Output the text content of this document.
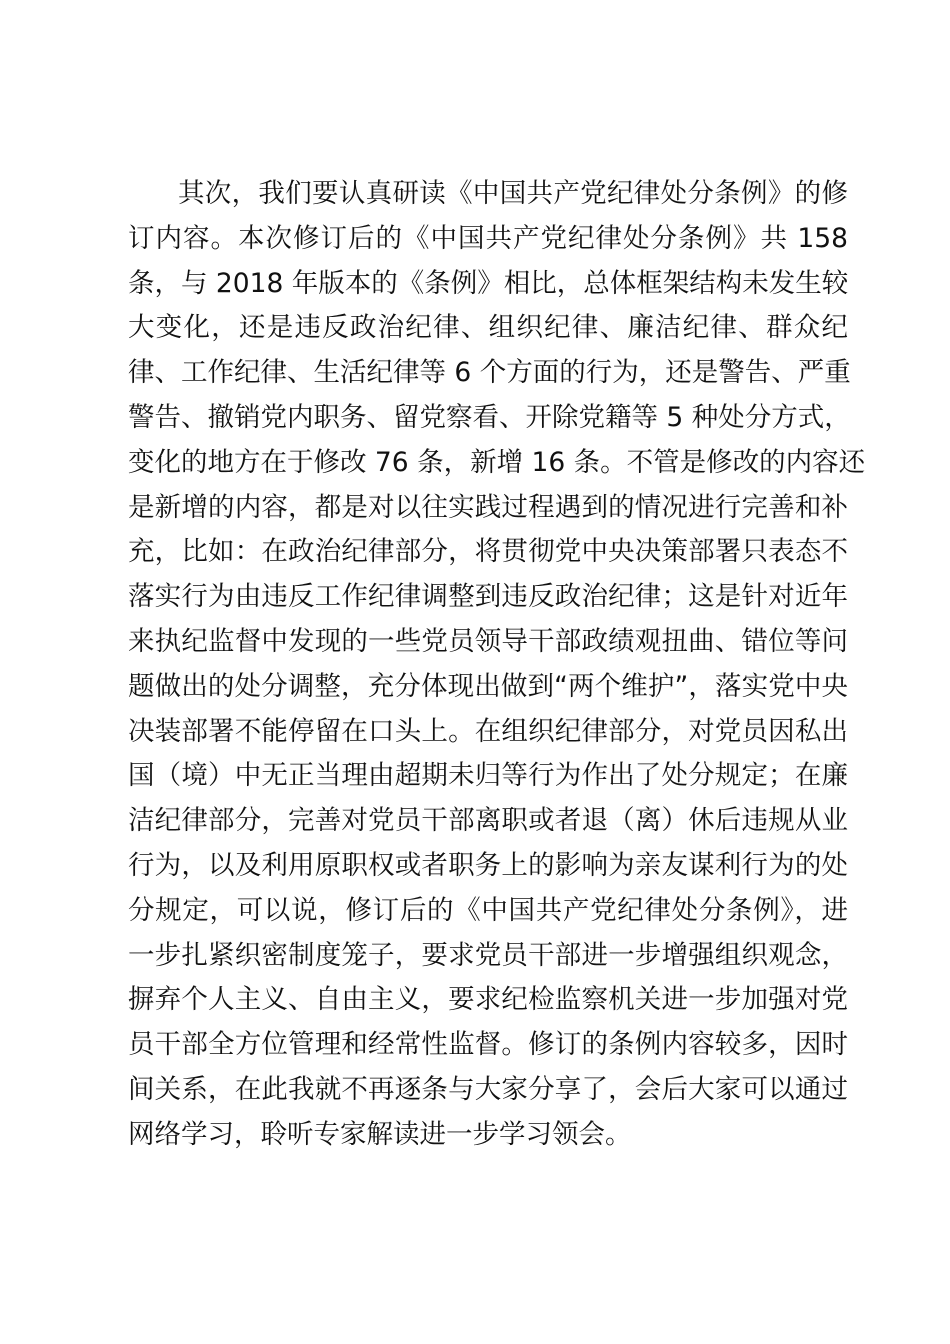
其次，我们要认真研读《中国共产党纪律处分条例》的修
订内容。本次修订后的《中国共产党纪律处分条例》共 158
条，与 2018 年版本的《条例》相比，总体框架结构未发生较
大变化，还是违反政治纪律、组织纪律、廉洁纪律、群众纪
律、工作纪律、生活纪律等 6 个方面的行为，还是警告、严重
警告、撤销党内职务、留党察看、开除党籍等 5 种处分方式，
变化的地方在于修改 76 条，新增 16 条。不管是修改的内容还
是新增的内容，都是对以往实践过程遇到的情况进行完善和补
充，比如：在政治纪律部分，将贯彻党中央决策部署只表态不
落实行为由违反工作纪律调整到违反政治纪律；这是针对近年
来执纪监督中发现的一些党员领导干部政绩观扭曲、错位等问
题做出的处分调整，充分体现出做到“两个维护”，落实党中央
决装部署不能停留在口头上。在组织纪律部分，对党员因私出
国（境）中无正当理由超期未归等行为作出了处分规定；在廉
洁纪律部分，完善对党员干部离职或者退（离）休后违规从业
行为，以及利用原职权或者职务上的影响为亲友谋利行为的处
分规定，可以说，修订后的《中国共产党纪律处分条例》，进
一步扎紧织密制度笼子，要求党员干部进一步增强组织观念，
摒弃个人主义、自由主义，要求纪检监察机关进一步加强对党
员干部全方位管理和经常性监督。修订的条例内容较多，因时
间关系，在此我就不再逐条与大家分享了，会后大家可以通过
网络学习，聆听专家解读进一步学习领会。
